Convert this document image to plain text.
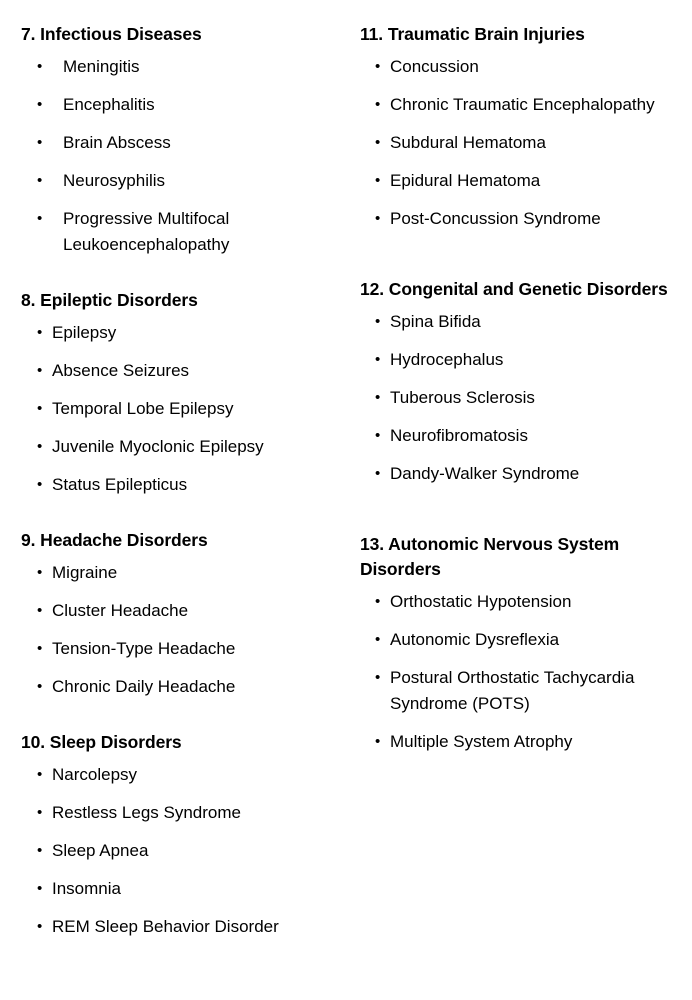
7. Infectious Diseases
• Meningitis
• Encephalitis
• Brain Abscess
• Neurosyphilis
• Progressive Multifocal Leukoencephalopathy
8. Epileptic Disorders
• Epilepsy
• Absence Seizures
• Temporal Lobe Epilepsy
• Juvenile Myoclonic Epilepsy
• Status Epilepticus
9. Headache Disorders
• Migraine
• Cluster Headache
• Tension-Type Headache
• Chronic Daily Headache
10. Sleep Disorders
• Narcolepsy
• Restless Legs Syndrome
• Sleep Apnea
• Insomnia
• REM Sleep Behavior Disorder
11. Traumatic Brain Injuries
• Concussion
• Chronic Traumatic Encephalopathy
• Subdural Hematoma
• Epidural Hematoma
• Post-Concussion Syndrome
12. Congenital and Genetic Disorders
• Spina Bifida
• Hydrocephalus
• Tuberous Sclerosis
• Neurofibromatosis
• Dandy-Walker Syndrome
13. Autonomic Nervous System Disorders
• Orthostatic Hypotension
• Autonomic Dysreflexia
• Postural Orthostatic Tachycardia Syndrome (POTS)
• Multiple System Atrophy
